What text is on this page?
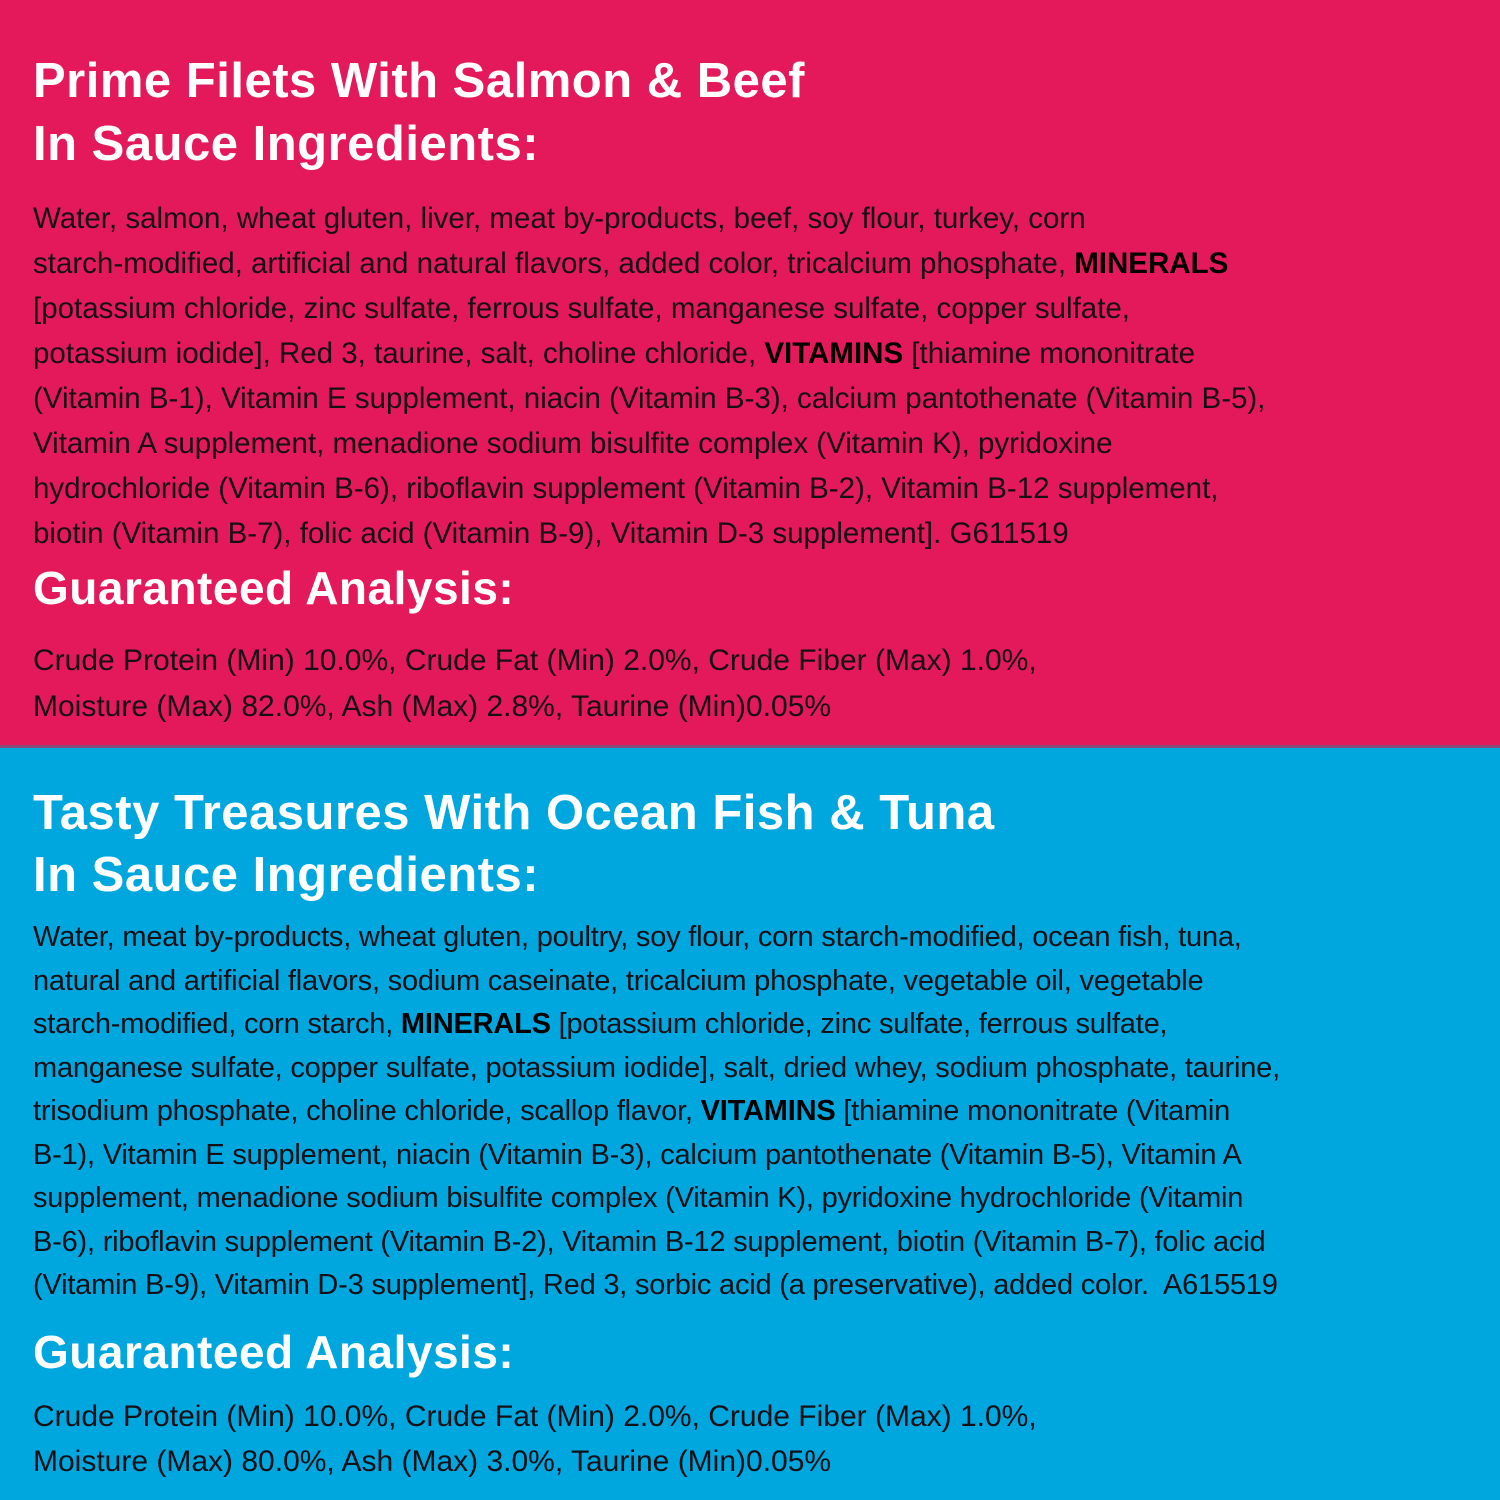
Prime Filets With Salmon & Beef
In Sauce Ingredients:

Water, salmon, wheat gluten, liver, meat by-products, beef, soy flour, turkey, corn
starch-modified, artificial and natural flavors, added color, tricalcium phosphate, MINERALS
[potassium chloride, zinc sulfate, ferrous sulfate, manganese sulfate, copper sulfate,
potassium iodide], Red 3, taurine, salt, choline chloride, VITAMINS [thiamine mononitrate
(Vitamin B-1), Vitamin E supplement, niacin (Vitamin B-3), calcium pantothenate (Vitamin B-5),
Vitamin A supplement, menadione sodium bisulfite complex (Vitamin K), pyridoxine
hydrochloride (Vitamin B-6), riboflavin supplement (Vitamin B-2), Vitamin B-12 supplement,
biotin (Vitamin B-7), folic acid (Vitamin B-9), Vitamin D-3 supplement]. G611519

Guaranteed Analysis:

Crude Protein (Min) 10.0%, Crude Fat (Min) 2.0%, Crude Fiber (Max) 1.0%,
Moisture (Max) 82.0%, Ash (Max) 2.8%, Taurine (Min)0.05%

Tasty Treasures With Ocean Fish & Tuna
In Sauce Ingredients:

Water, meat by-products, wheat gluten, poultry, soy flour, corn starch-modified, ocean fish, tuna,
natural and artificial flavors, sodium caseinate, tricalcium phosphate, vegetable oil, vegetable
starch-modified, corn starch, MINERALS [potassium chloride, zinc sulfate, ferrous sulfate,
manganese sulfate, copper sulfate, potassium iodide], salt, dried whey, sodium phosphate, taurine,
trisodium phosphate, choline chloride, scallop flavor, VITAMINS [thiamine mononitrate (Vitamin
B-1), Vitamin E supplement, niacin (Vitamin B-3), calcium pantothenate (Vitamin B-5), Vitamin A
supplement, menadione sodium bisulfite complex (Vitamin K), pyridoxine hydrochloride (Vitamin
B-6), riboflavin supplement (Vitamin B-2), Vitamin B-12 supplement, biotin (Vitamin B-7), folic acid
(Vitamin B-9), Vitamin D-3 supplement], Red 3, sorbic acid (a preservative), added color.  A615519

Guaranteed Analysis:

Crude Protein (Min) 10.0%, Crude Fat (Min) 2.0%, Crude Fiber (Max) 1.0%,
Moisture (Max) 80.0%, Ash (Max) 3.0%, Taurine (Min)0.05%
